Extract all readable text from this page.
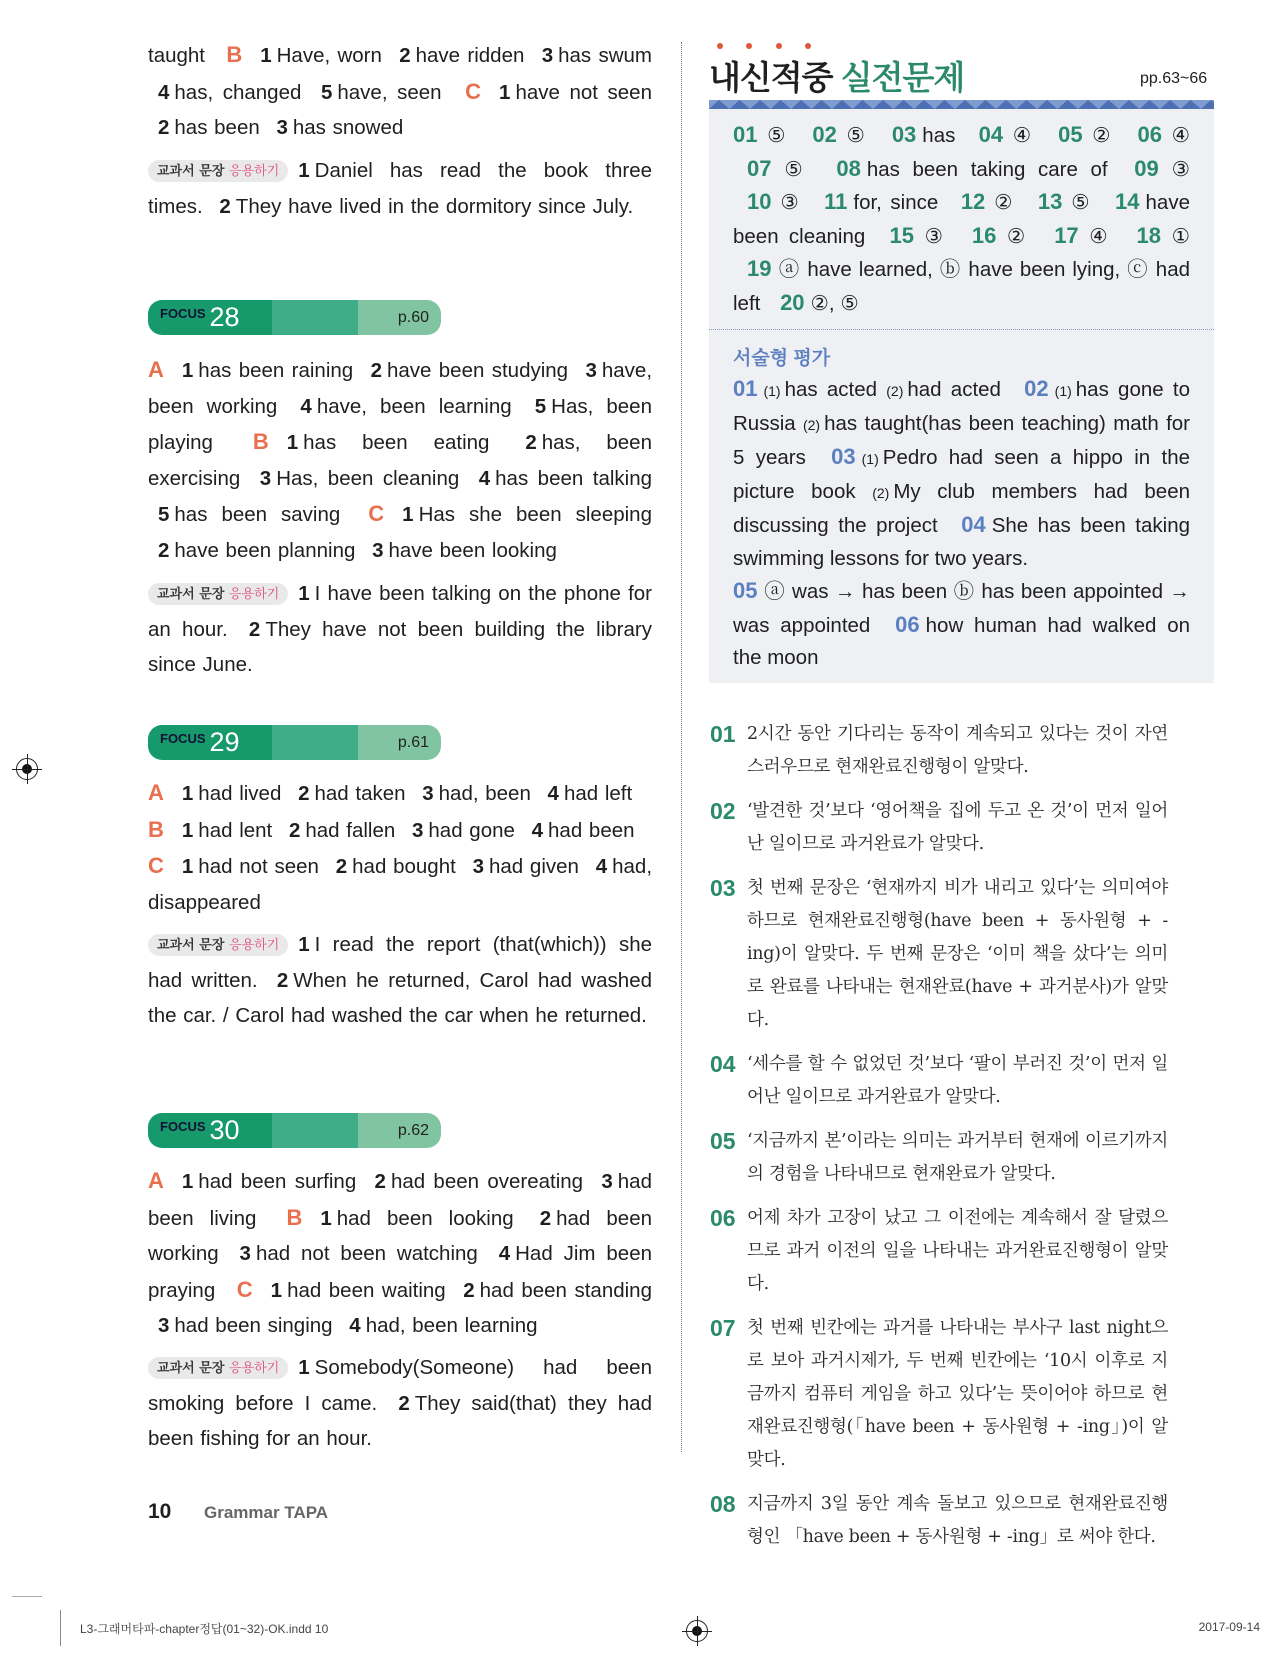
taught B 1 Have, worn 2 have ridden 3 has swum 4 has, changed 5 have, seen C 1 have not seen 2 has been 3 has snowed
교과서 문장 응용하기 1 Daniel has read the book three times. 2 They have lived in the dormitory since July.
FOCUS 28	p.60
A 1 has been raining 2 have been studying 3 have, been working 4 have, been learning 5 Has, been playing B 1 has been eating 2 has, been exercising 3 Has, been cleaning 4 has been talking 5 has been saving C 1 Has she been sleeping 2 have been planning 3 have been looking
교과서 문장 응용하기 1 I have been talking on the phone for an hour. 2 They have not been building the library since June.
FOCUS 29	p.61
A 1 had lived 2 had taken 3 had, been 4 had left
B 1 had lent 2 had fallen 3 had gone 4 had been
C 1 had not seen 2 had bought 3 had given 4 had, disappeared
교과서 문장 응용하기 1 I read the report (that(which)) she had written. 2 When he returned, Carol had washed the car. / Carol had washed the car when he returned.
FOCUS 30	p.62
A 1 had been surfing 2 had been overeating 3 had been living B 1 had been looking 2 had been working 3 had not been watching 4 Had Jim been praying C 1 had been waiting 2 had been standing 3 had been singing 4 had, been learning
교과서 문장 응용하기 1 Somebody(Someone) had been smoking before I came. 2 They said(that) they had been fishing for an hour.
내신적중 실전문제	pp.63~66
01 ⑤ 02 ⑤ 03 has 04 ④ 05 ② 06 ④ 07 ⑤ 08 has been taking care of 09 ③ 10 ③ 11 for, since 12 ② 13 ⑤ 14 have been cleaning 15 ③ 16 ② 17 ④ 18 ① 19 ⓐ have learned, ⓑ have been lying, ⓒ had left 20 ②, ⑤
서술형 평가
01 (1) has acted (2) had acted 02 (1) has gone to Russia (2) has taught(has been teaching) math for 5 years 03 (1) Pedro had seen a hippo in the picture book (2) My club members had been discussing the project 04 She has been taking swimming lessons for two years.
05 ⓐ was → has been ⓑ has been appointed → was appointed 06 how human had walked on the moon
01 2시간 동안 기다리는 동작이 계속되고 있다는 것이 자연스러우므로 현재완료진행형이 알맞다.
02 ‘발견한 것’보다 ‘영어책을 집에 두고 온 것’이 먼저 일어난 일이므로 과거완료가 알맞다.
03 첫 번째 문장은 ‘현재까지 비가 내리고 있다’는 의미여야 하므로 현재완료진행형(have been + 동사원형 + -ing)이 알맞다. 두 번째 문장은 ‘이미 책을 샀다’는 의미로 완료를 나타내는 현재완료(have + 과거분사)가 알맞다.
04 ‘세수를 할 수 없었던 것’보다 ‘팔이 부러진 것’이 먼저 일어난 일이므로 과거완료가 알맞다.
05 ‘지금까지 본’이라는 의미는 과거부터 현재에 이르기까지의 경험을 나타내므로 현재완료가 알맞다.
06 어제 차가 고장이 났고 그 이전에는 계속해서 잘 달렸으므로 과거 이전의 일을 나타내는 과거완료진행형이 알맞다.
07 첫 번째 빈칸에는 과거를 나타내는 부사구 last night으로 보아 과거시제가, 두 번째 빈칸에는 ‘10시 이후로 지금까지 컴퓨터 게임을 하고 있다’는 뜻이어야 하므로 현재완료진행형(「have been + 동사원형 + -ing」)이 알맞다.
08 지금까지 3일 동안 계속 돌보고 있으므로 현재완료진행형인 「have been + 동사원형 + -ing」로 써야 한다.
10 Grammar TAPA
L3-그래머타파-chapter정답(01~32)-OK.indd 10	2017-09-14
